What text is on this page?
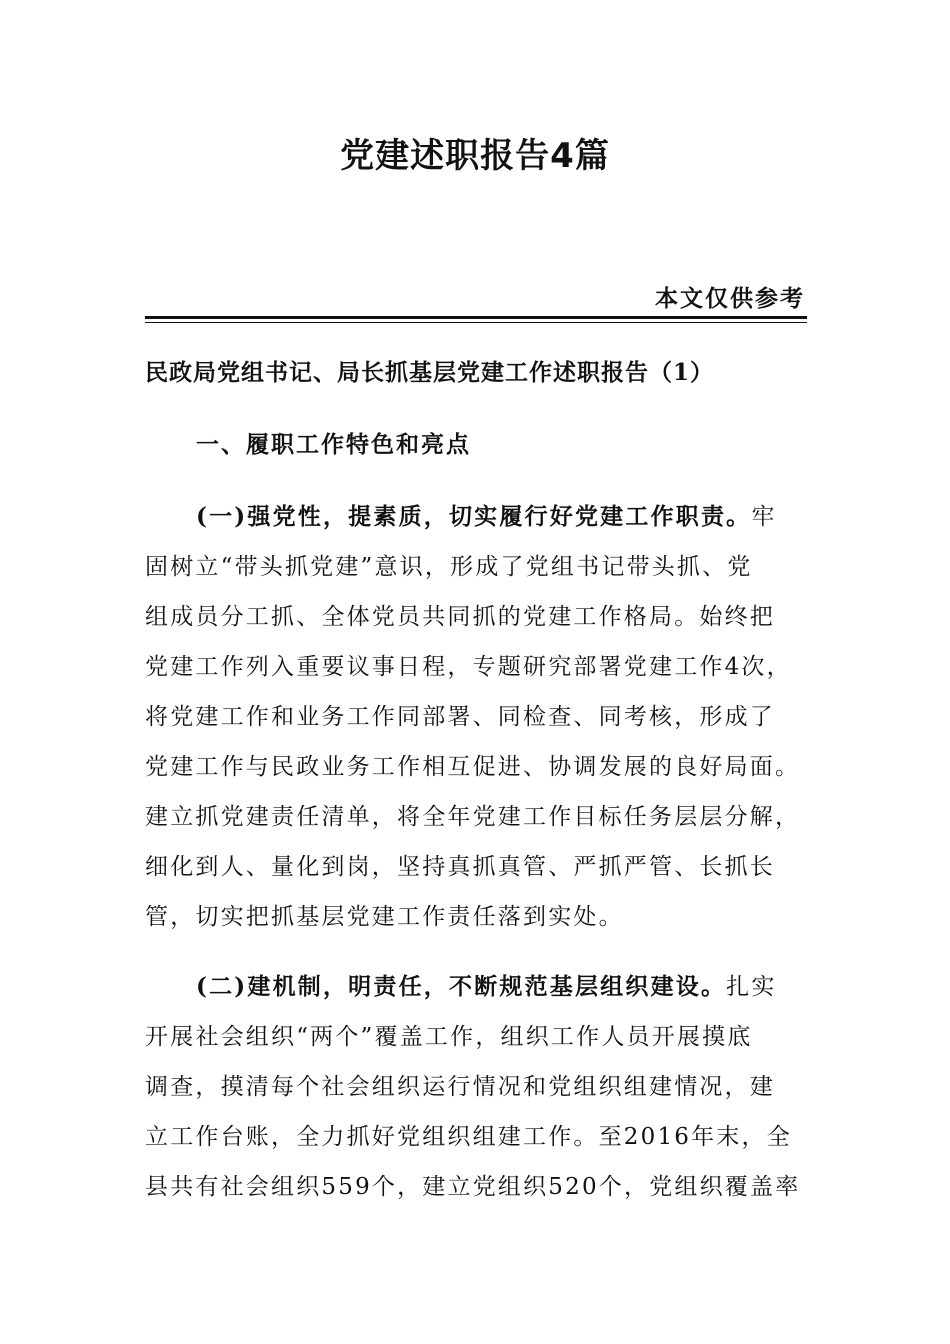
党建述职报告4篇
本文仅供参考
民政局党组书记、局长抓基层党建工作述职报告（1）
一、履职工作特色和亮点
(一)强党性，提素质，切实履行好党建工作职责。牢
固树立“带头抓党建”意识，形成了党组书记带头抓、党
组成员分工抓、全体党员共同抓的党建工作格局。始终把
党建工作列入重要议事日程，专题研究部署党建工作4次，
将党建工作和业务工作同部署、同检查、同考核，形成了
党建工作与民政业务工作相互促进、协调发展的良好局面。
建立抓党建责任清单，将全年党建工作目标任务层层分解，
细化到人、量化到岗，坚持真抓真管、严抓严管、长抓长
管，切实把抓基层党建工作责任落到实处。
(二)建机制，明责任，不断规范基层组织建设。扎实
开展社会组织“两个”覆盖工作，组织工作人员开展摸底
调查，摸清每个社会组织运行情况和党组织组建情况，建
立工作台账，全力抓好党组织组建工作。至2016年末，全
县共有社会组织559个，建立党组织520个，党组织覆盖率
